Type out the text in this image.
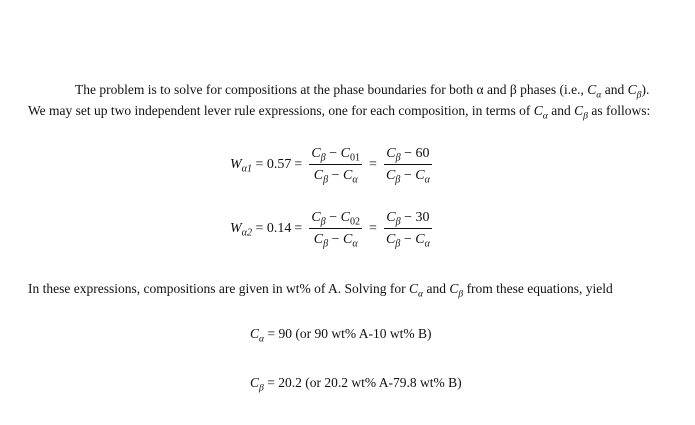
The problem is to solve for compositions at the phase boundaries for both α and β phases (i.e., $C_\alpha$ and $C_\beta$).
We may set up two independent lever rule expressions, one for each composition, in terms of $C_\alpha$ and $C_\beta$ as follows:
$W_{\alpha 1} = 0.57 = \frac{C_\beta - C_{01}}{C_\beta - C_\alpha} = \frac{C_\beta - 60}{C_\beta - C_\alpha}$
$W_{\alpha 2} = 0.14 = \frac{C_\beta - C_{02}}{C_\beta - C_\alpha} = \frac{C_\beta - 30}{C_\beta - C_\alpha}$
In these expressions, compositions are given in wt% of A. Solving for $C_\alpha$ and $C_\beta$ from these equations, yield
$C_\alpha = 90$ (or 90 wt% A-10 wt% B)
$C_\beta = 20.2$ (or 20.2 wt% A-79.8 wt% B)
